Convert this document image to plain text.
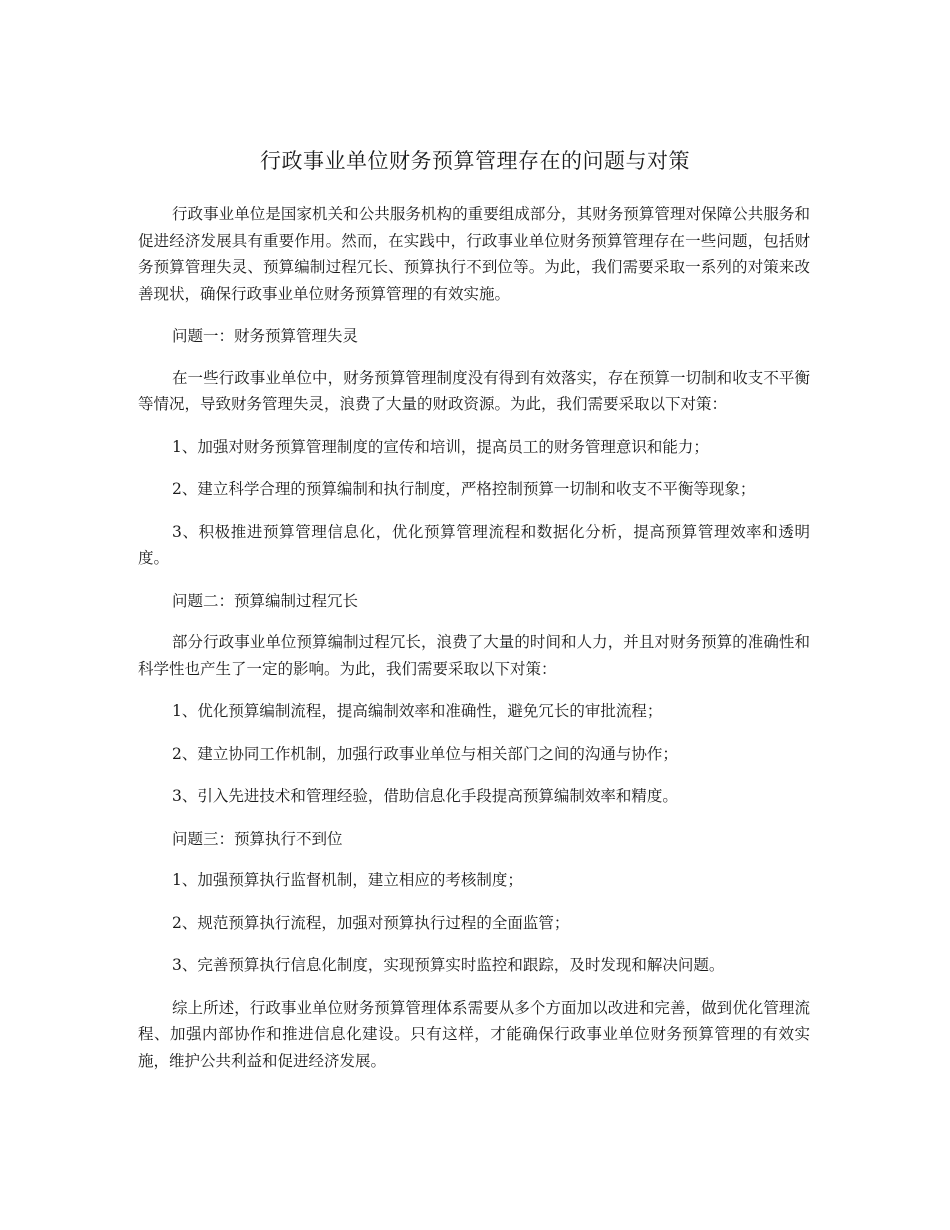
行政事业单位财务预算管理存在的问题与对策

行政事业单位是国家机关和公共服务机构的重要组成部分，其财务预算管理对保障公共服务和促进经济发展具有重要作用。然而，在实践中，行政事业单位财务预算管理存在一些问题，包括财务预算管理失灵、预算编制过程冗长、预算执行不到位等。为此，我们需要采取一系列的对策来改善现状，确保行政事业单位财务预算管理的有效实施。

问题一：财务预算管理失灵

在一些行政事业单位中，财务预算管理制度没有得到有效落实，存在预算一切制和收支不平衡等情况，导致财务管理失灵，浪费了大量的财政资源。为此，我们需要采取以下对策：

1、加强对财务预算管理制度的宣传和培训，提高员工的财务管理意识和能力；

2、建立科学合理的预算编制和执行制度，严格控制预算一切制和收支不平衡等现象；

3、积极推进预算管理信息化，优化预算管理流程和数据化分析，提高预算管理效率和透明度。

问题二：预算编制过程冗长

部分行政事业单位预算编制过程冗长，浪费了大量的时间和人力，并且对财务预算的准确性和科学性也产生了一定的影响。为此，我们需要采取以下对策：

1、优化预算编制流程，提高编制效率和准确性，避免冗长的审批流程；

2、建立协同工作机制，加强行政事业单位与相关部门之间的沟通与协作；

3、引入先进技术和管理经验，借助信息化手段提高预算编制效率和精度。

问题三：预算执行不到位

1、加强预算执行监督机制，建立相应的考核制度；

2、规范预算执行流程，加强对预算执行过程的全面监管；

3、完善预算执行信息化制度，实现预算实时监控和跟踪，及时发现和解决问题。

综上所述，行政事业单位财务预算管理体系需要从多个方面加以改进和完善，做到优化管理流程、加强内部协作和推进信息化建设。只有这样，才能确保行政事业单位财务预算管理的有效实施，维护公共利益和促进经济发展。
